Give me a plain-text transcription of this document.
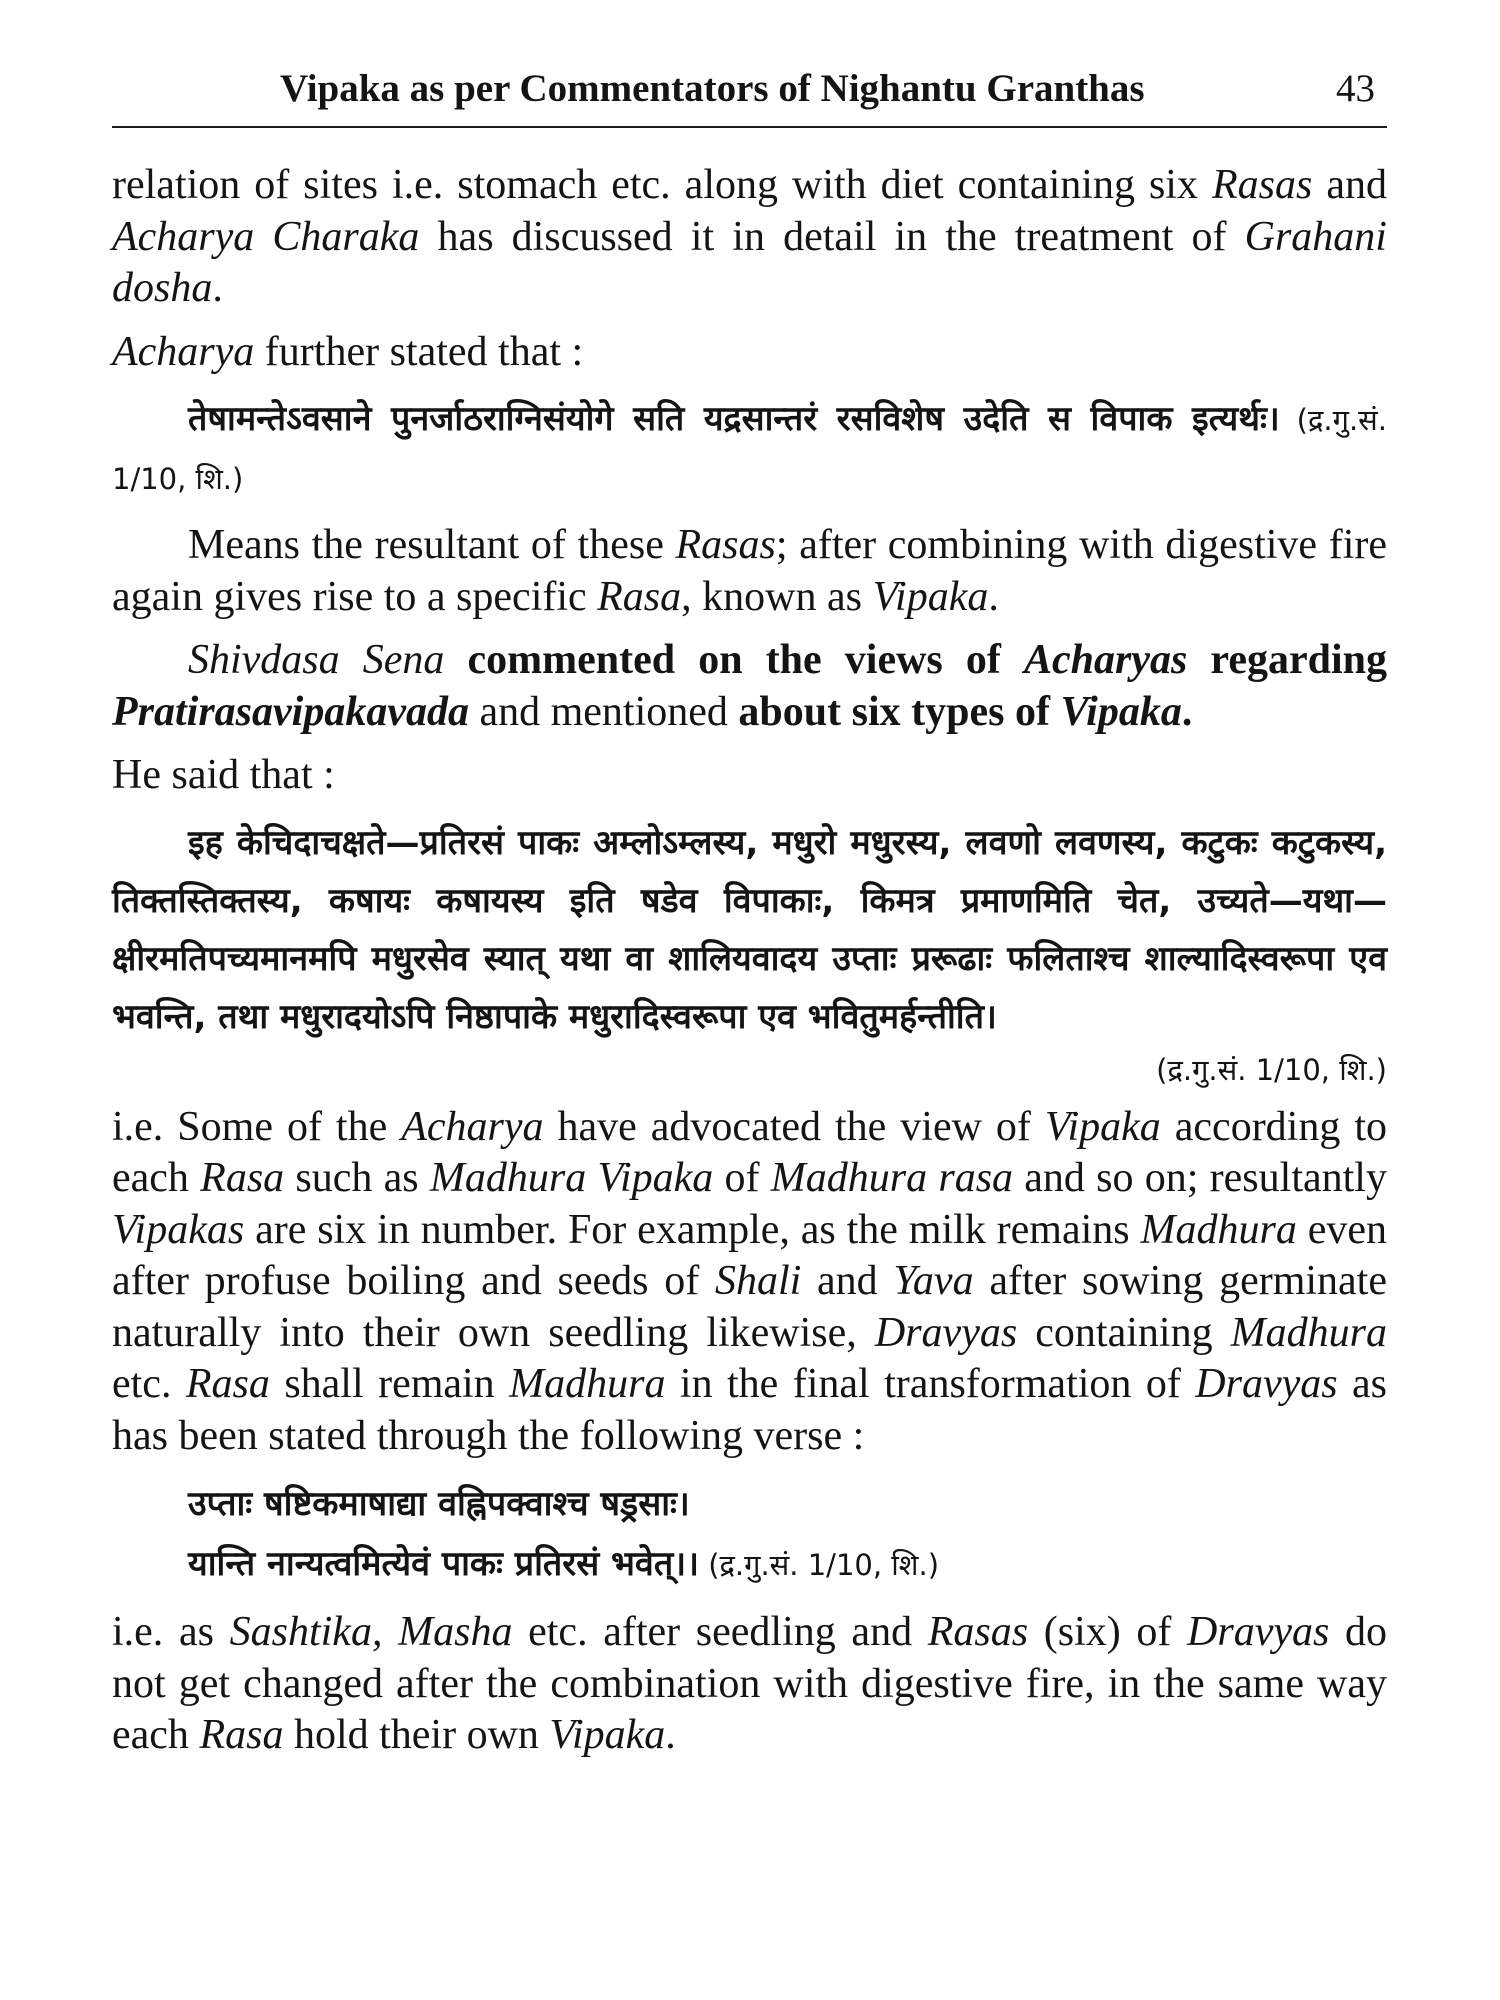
Vipaka as per Commentators of Nighantu Granthas	43

relation of sites i.e. stomach etc. along with diet containing six Rasas and Acharya Charaka has discussed it in detail in the treatment of Grahani dosha.

Acharya further stated that :

तेषामन्तेऽवसाने पुनर्जाठराग्निसंयोगे सति यद्रसान्तरं रसविशेष उदेति स विपाक इत्यर्थः। (द्र.गु.सं. 1/10, शि.)

Means the resultant of these Rasas; after combining with digestive fire again gives rise to a specific Rasa, known as Vipaka.

Shivdasa Sena commented on the views of Acharyas regarding Pratirasavipakavada and mentioned about six types of Vipaka.

He said that :

इह केचिदाचक्षते—प्रतिरसं पाकः अम्लोऽम्लस्य, मधुरो मधुरस्य, लवणो लवणस्य, कटुकः कटुकस्य, तिक्तस्तिक्तस्य, कषायः कषायस्य इति षडेव विपाकाः, किमत्र प्रमाणमिति चेत, उच्यते—यथा—क्षीरमतिपच्यमानमपि मधुरसेव स्यात् यथा वा शालियवादय उप्ताः प्ररूढाः फलिताश्च शाल्यादिस्वरूपा एव भवन्ति, तथा मधुरादयोऽपि निष्ठापाके मधुरादिस्वरूपा एव भवितुमर्हन्तीति।

(द्र.गु.सं. 1/10, शि.)

i.e. Some of the Acharya have advocated the view of Vipaka according to each Rasa such as Madhura Vipaka of Madhura rasa and so on; resultantly Vipakas are six in number. For example, as the milk remains Madhura even after profuse boiling and seeds of Shali and Yava after sowing germinate naturally into their own seedling likewise, Dravyas containing Madhura etc. Rasa shall remain Madhura in the final transformation of Dravyas as has been stated through the following verse :

उप्ताः षष्टिकमाषाद्या वह्निपक्वाश्च षड्रसाः।
यान्ति नान्यत्वमित्येवं पाकः प्रतिरसं भवेत्।। (द्र.गु.सं. 1/10, शि.)

i.e. as Sashtika, Masha etc. after seedling and Rasas (six) of Dravyas do not get changed after the combination with digestive fire, in the same way each Rasa hold their own Vipaka.
